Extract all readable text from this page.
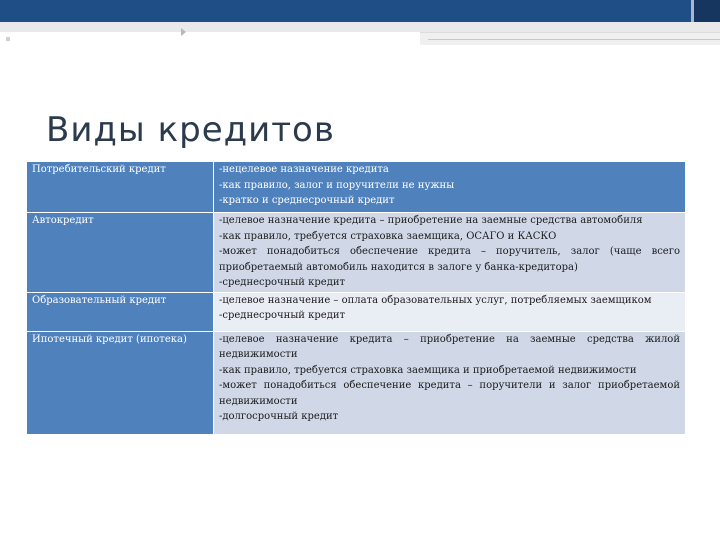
Виды кредитов
Потребительский кредит	-нецелевое назначение кредита
-как правило, залог и поручители не нужны
-кратко и среднесрочный кредит

Автокредит	-целевое назначение кредита – приобретение на заемные средства автомобиля
-как правило, требуется страховка заемщика, ОСАГО и КАСКО
-может понадобиться обеспечение кредита – поручитель, залог (чаще всего приобретаемый автомобиль находится в залоге у банка-кредитора)
-среднесрочный кредит

Образовательный кредит	-целевое назначение – оплата образовательных услуг, потребляемых заемщиком
-среднесрочный кредит

Ипотечный кредит (ипотека)	-целевое назначение кредита – приобретение на заемные средства жилой недвижимости
-как правило, требуется страховка заемщика и приобретаемой недвижимости
-может понадобиться обеспечение кредита – поручители и залог приобретаемой недвижимости
-долгосрочный кредит
